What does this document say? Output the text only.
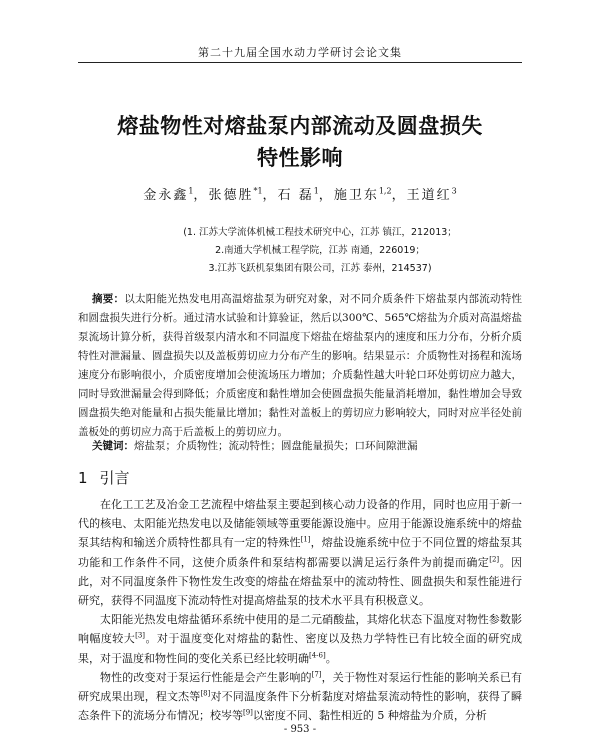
第二十九届全国水动力学研讨会论文集
熔盐物性对熔盐泵内部流动及圆盘损失
特性影响
金永鑫$^1$，张德胜$^{*1}$，石 磊$^1$，施卫东$^{1,2}$，王道红$^3$
(1. 江苏大学流体机械工程技术研究中心，江苏 镇江，212013；
2.南通大学机械工程学院，江苏 南通，226019；
3.江苏飞跃机泵集团有限公司，江苏 泰州，214537)
摘要：以太阳能光热发电用高温熔盐泵为研究对象，对不同介质条件下熔盐泵内部流动特性和圆盘损失进行分析。通过清水试验和计算验证，然后以300℃、565℃熔盐为介质对高温熔盐泵流场计算分析，获得首级泵内清水和不同温度下熔盐在熔盐泵内的速度和压力分布，分析介质特性对泄漏量、圆盘损失以及盖板剪切应力分布产生的影响。结果显示：介质物性对扬程和流场速度分布影响很小，介质密度增加会使流场压力增加；介质黏性越大叶轮口环处剪切应力越大，同时导致泄漏量会得到降低；介质密度和黏性增加会使圆盘损失能量消耗增加，黏性增加会导致圆盘损失绝对能量和占损失能量比增加；黏性对盖板上的剪切应力影响较大，同时对应半径处前盖板处的剪切应力高于后盖板上的剪切应力。
关键词：熔盐泵；介质物性；流动特性；圆盘能量损失；口环间隙泄漏
1 引言

在化工工艺及冶金工艺流程中熔盐泵主要起到核心动力设备的作用，同时也应用于新一代的核电、太阳能光热发电以及储能领域等重要能源设施中。应用于能源设施系统中的熔盐泵其结构和输送介质特性都具有一定的特殊性[1]，熔盐设施系统中位于不同位置的熔盐泵其功能和工作条件不同，这使介质条件和泵结构都需要以满足运行条件为前提而确定[2]。因此，对不同温度条件下物性发生改变的熔盐在熔盐泵中的流动特性、圆盘损失和泵性能进行研究，获得不同温度下流动特性对提高熔盐泵的技术水平具有积极意义。

太阳能光热发电熔盐循环系统中使用的是二元硝酸盐，其熔化状态下温度对物性参数影响幅度较大[3]。对于温度变化对熔盐的黏性、密度以及热力学特性已有比较全面的研究成果，对于温度和物性间的变化关系已经比较明确[4-6]。

物性的改变对于泵运行性能是会产生影响的[7]，关于物性对泵运行性能的影响关系已有研究成果出现，程文杰等[8]对不同温度条件下分析黏度对熔盐泵流动特性的影响，获得了瞬态条件下的流场分布情况；校岑等[9]以密度不同、黏性相近的 5 种熔盐为介质，分析

- 953 -
